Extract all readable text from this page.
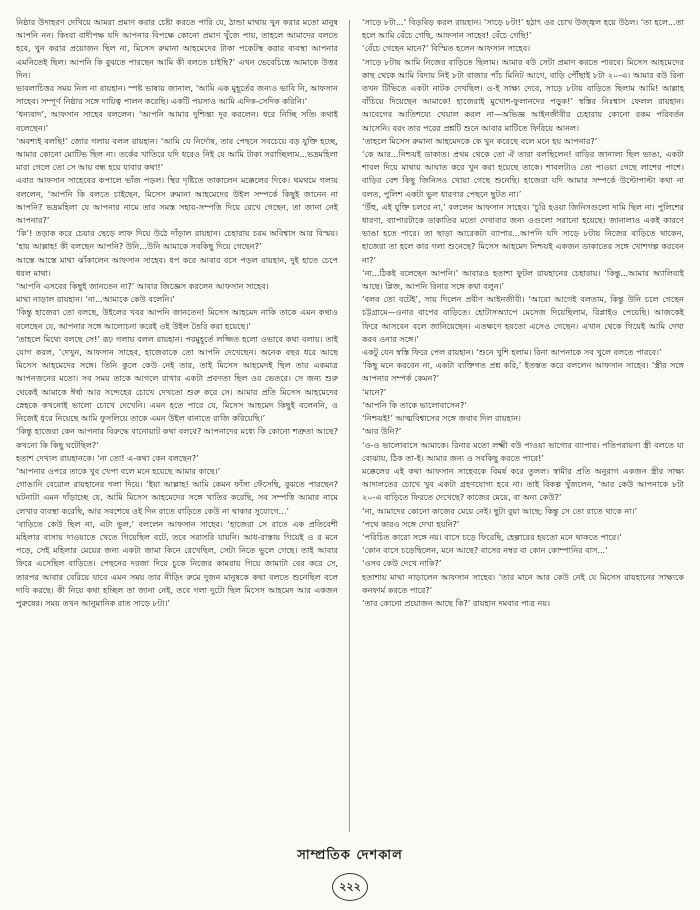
নিষ্ঠার উদাহরণ দেখিয়ে আমরা প্রমাণ করার চেষ্টা করতে পারি যে, ঠান্ডা মাথায় খুন করার মতো মানুষ আপনি নন। কিংবা বাদীপক্ষ যদি আপনার বিপক্ষে কোনো প্রমাণ খুঁজে পায়, তাহলে আমাদের বলতে হবে, খুন করার প্রয়োজন ছিল না, মিসেস রুমানা আহমেদের টাকা পকেটস্থ করার ব্যবস্থা আপনার এমনিতেই ছিল। আপনি কি বুঝতে পারছেন আমি কী বলতে চাইছি?’ এখন ভেবেচিন্তে আমাকে উত্তর দিন।

ভাবলাচিত্তর সময় নিল না রায়হান। স্পষ্ট ভাষায় জানাল, ‘আমি এক মুহূর্তের জন্যও ভাবি নি, আফসান সাহেব। সম্পূর্ণ নিষ্ঠার সঙ্গে দায়িত্ব পালন করেছি। একটি পয়সাও আমি এদিক-সেদিক করিনি।’

‘ধন্যবাদ’, আফসান সাহেব বললেন। ‘আপনি আমার দুশ্চিন্তা দূর করলেন। ধরে নিচ্ছি সতি৷ কথাই বলেছেন।’

‘অবশ্যই বলছি!’ জোর গলায় বলল রায়হান। ‘আমি যে নির্দোষ, তার পেছনে সবচেয়ে বড় যুক্তি হচ্ছে, আমার কোনো মোটিভ ছিল না। তর্কের খাতিরে যদি ধরেও নিই যে আমি টাকা সরাচ্ছিলাম...ভদ্রমহিলা মারা গেলে তো সে আয় বন্ধ হয়ে যাবার কথা!’

এবার আফসান সাহেবের কপালে ভাঁজ পড়ল। স্থির দৃষ্টিতে তাকালেন মক্কেলের দিকে। থমথমে গলায় বললেন, ‘আপনি কি বলতে চাইছেন, মিসেস রুমানা আহমেদের উইল সম্পর্কে কিছুই জানেন না আপনি? ভদ্রমহিলা যে আপনার নামে তার সমস্ত সহায়-সম্পত্তি দিয়ে রেখে গেছেন, তা জানা নেই আপনার?’

‘কি’! তড়াক করে চেয়ার ছেড়ে লাফ দিয়ে উঠে দাঁড়াল রায়হান। চেহারায় চরম অবিশ্বাস আর বিস্ময়। ‘হায় আল্লাহ! কী বলছেন আপনি? উনি...উনি আমাকে সবকিছু দিয়ে গেছেন?’

আস্তে আস্তে মাথা ঝাঁকালেন আফসান সাহেব। ধপ করে আবার বসে পড়ল রায়হান, দুই হাতে চেপে ধরল মাথা।

‘আপনি এসবের কিছুই জানতেন না?’ আবার জিজ্ঞেস করলেন আফসান সাহেব।

মাথা নাড়াল রায়হান। ‘না...আমাকে কেউ বলেনি।’

‘কিন্তু হাজেরা তো বলছে, উইলের খবর আপনি জানতেন! মিসেস আহমেদ নাকি তাকে এমন কথাও বলেছেন যে, আপনার সঙ্গে আলোচনা করেই ওই উইল তৈরি করা হয়েছে।’

‘তাহলে মিথ্যে বলছে সে!’ রূঢ় গলায় বলল রায়হান। পরমুহূর্তে লজ্জিত হলো ওভাবে কথা বলায়। তাই যোগ করল, ‘দেখুন, আফসান সাহেব, হাজেরাকে তো আপনি দেখেছেন। অনেক বছর ধরে আছে মিসেস আহমেদের সঙ্গে। তিনি কুলে কেউ নেই তার, তাই মিসেস আহমেদই ছিল তার একমাত্র আপনজনের মতো। সব সময় তাকে আগলে রাখার একটা প্রবণতা ছিল ওর ভেতরে। সে জন্য শুরু থেকেই আমাকে ঈর্ষা আর সন্দেহের চোখে দেখতো শুরু করে সে। আমার প্রতি মিসেস আহমেদের স্নেহকে কখনোই ভালো চোখে দেখেনি। এমন হতে পারে যে, মিসেস আহমেদ কিছুই বলেননি, ও নিজেই ধরে নিয়েছে আমি ফুসলিয়ে তাকে এমন উইল বানাতে রাজি করিয়েছি।’

‘কিন্তু হাজেরা কেন আপনার বিরুদ্ধে বানোয়াট কথা বলবে? আপনাদের মধ্যে কি কোনো শত্রুতা আছে? কখনো কি কিছু ঘটেছিল?’

হতাশ দেখাল রায়হানকে। ‘না তো! এ-কথা কেন বলছেন?’

‘আপনার ওপরে তাকে খুব খেপা বলে মনে হয়েছে আমার কাছে।’

গোঙানি বেরোল রায়হানের গলা দিয়ে। ‘ইয়া আল্লাহ! আমি কেমন ফাঁসা ফেঁসেছি, বুঝতে পারছেন? ঘটনাটা এমন দাঁড়াচ্ছে যে, আমি মিসেস আহমেদের সঙ্গে খাতির করেছি, সব সম্পত্তি আমার নামে লেখার ব্যবস্থা করেছি, আর সবশেষে ওই দিন রাতে বাড়িতে কেউ না থাকার সুযোগে...’

‘বাড়িতে কেউ ছিল না, এটা ভুল,’ বললেন আফসান সাহেব। ‘হাজেরা সে রাতে এক প্রতিবেশী মহিলার বাসায় দাওয়াতে খেতে গিয়েছিল বটে, তবে সরাসরি যায়নি। আধ-রাস্তায় গিয়েই ও র মনে পড়ে, সেই মহিলার মেয়ের জন্য একটা জামা কিনে রেখেছিল, সেটা নিতে ভুলে গেছে। তাই আবার ফিরে এসেছিল বাড়িতে। পেছনের দরজা দিয়ে চুকে নিজের কামরায় গিয়ে জামাটা বের করে সে, তারপর আবার বেরিয়ে যাবে এমন সময় তার নীড়িং রুমে দুজন মানুষকে কথা বলতে শুনেছিল বলে দাবি করছে। কী নিয়ে কথা হচ্ছিল তা জানা নেই, তবে গলা দুটো ছিল মিসেস আহমেদ আর একজন পুরুষের। সময় তখন আনুমানিক রাত সাড়ে ৮টা।’

‘সাড়ে ৮টা...’ বিড়বিড় করল রায়হান। ‘সাড়ে ৮টা!’ হঠাৎ ওর চোখ উজ্জ্বল হয়ে উঠল। ‘তা হলে...তা হলে আমি বেঁচে গেছি, আফসান সাহেব! বেঁচে গেছি!’

‘বেঁচে গেছেন মানে?’ বিস্মিত হলেন আফসান সাহেব।

‘সাড়ে ৮টায় আমি নিজের বাড়িতে ছিলাম। আমার বউ সেটা প্রমাণ করতে পারবে। মিসেস আহমেদের কাছ থেকে আমি বিদায় নিই ৮টা বাজার পাঁচ মিনিট আগে, বাড়ি পৌঁছাই ৮টা ২০-এ। আমার বউ রিনা তখন টিভিতে একটা নাটক দেখছিল। ও-ই সাক্ষ্য দেবে, সাড়ে ৮টায় বাড়িতে ছিলাম আমি! আল্লাহ বাঁচিয়ে দিয়েছেন আমাকে! হাজেরাই মুখোশ-ফুলানদের পড়ুক!’ স্বস্তির নিঃশ্বাস ফেলল রায়হান। আবেগের আতিশয্যে খেয়াল করল না—অভিজ্ঞ আইনজীবীর চেহারায় কোনো রকম পরিবর্তন আসেনি। বরং তার পরের প্রশ্নটি শুনে আবার মাটিতে ফিরিয়ে আনল।

‘তাহলে মিসেস রুমানা আহমেদকে কে খুন করেছে বলে মনে হয় আপনার?’

‘কে আর...নিশ্চয়ই ডাকাত। প্রথম থেকে তো ঐ তারা বলছিলেন! বাড়ির জানালা ছিল ভাঙা, একটা শাবল দিয়ে মাথায় আঘাত করে খুন করা হয়েছে তাকে। শাবলটাও তো পাওয়া গেছে লাশের পাশে। বাড়ির বেশ কিছু জিনিসও খোয়া গেছে শুনেছি। হাজেরা যদি আমার সম্পর্কে উল্টোপাল্টা কথা না বলত, পুলিশ একটা ভুল ধারণার পেছনে ছুটত না।’

‘উঁহু, এই যুক্তি চলবে না,’ বললেন আফসান সাহেব। ‘চুরি হওয়া জিনিসগুলো দামি ছিল না। পুলিশের ধারণা, ব্যাপারটাকে ডাকাতির মতো দেখাবার জন্য ওগুলো সরানো হয়েছে। জানালাও একই কারণে ভাঙা হতে পারে। তা ছাড়া আরেকটা ব্যাপার...আপনি যদি সাড়ে ৮টায় নিজের বাড়িতে থাকেন, হাজেরা তা হলে কার গলা শুনেছে? মিসেস আহমেদ নিশ্চয়ই একজন ডাকাতের সঙ্গে খোশগল্প করবেন না?’

‘না...ঠিকই বলেছেন আপনি।’ আবারও হতাশা ফুটল রায়হানের চেহারায়। ‘কিন্তু...আমার অ্যালিবাই আছে। প্লিজ, আপনি রিনার সঙ্গে কথা বলুন।’

‘বলব তো বটেই’, সায় দিলেন প্রবীণ আইনজীবী। ‘আরো আগেই বলতাম, কিন্তু উনি চলে গেছেন চট্টগ্রামে—ওনার বাপের বাড়িতে। হোটাসঅ্যাপে মেসেজ দিয়েছিলাম, রিপ্লাইও পেয়েছি। আজকেই ফিরে আসবেন বলে জানিয়েছেন। এতক্ষণে হয়তো এসেও গেছেন। এখান থেকে গিয়েই আমি দেখা করব ওনার সঙ্গে।’

একটু যেন স্বস্তি ফিরে পেল রায়হান। ‘শুনে খুশি হলাম। রিনা আপনাকে সব খুলে বলতে পারবে।’

‘কিছু মনে করবেন না, একটা ব্যক্তিগত প্রশ্ন করি,’ ইতস্তত করে বললেন আফসান সাহেব। ‘স্ত্রীর সঙ্গে আপনার সম্পর্ক কেমন?’

‘মানে?’

‘আপনি কি তাকে ভালোবাসেন?’

‘নিশ্চয়ই!’ আত্মবিশ্বাসের সঙ্গে জবাব দিল রায়হান।

‘আর উনি?’

‘ও-ও ভালোবাসে আমাকে। রিনার মতো লক্ষ্মী বউ পাওয়া ভাগ্যের ব্যাপার। পতিপরায়ণা স্ত্রী বলতে যা বোঝায়, ঠিক তা-ই। আমার জন্য ও সবকিছু করতে পারে!’

মক্কেলের এই কথা আফসান সাহেবকে বিমর্ষ করে তুলল। স্বামীর প্রতি অনুরাগ একজন স্ত্রীর সাক্ষ্য আদালতের চোখে খুব একটা গ্রহণযোগ্য হবে না। তাই বিকল্প খুঁজলেন, ‘আর কেউ আপনাকে ৮টা ২০-এ বাড়িতে ফিরতে দেখেছে? কাজের মেয়ে, বা অন্য কেউ?’

‘না, আমাদের কোনো কাজের মেয়ে নেই। ছুটা বুয়া আছে; কিন্তু সে তো রাতে থাকে না।’

‘পথে কারও সঙ্গে দেখা হয়নি?’

‘পরিচিত কারো সঙ্গে নয়। বাসে চড়ে ফিরেছি, হেল্পারের হয়তো মনে থাকতে পারে।’

‘কোন বাসে চড়েছিলেন, মনে আছে? বাসের নম্বর বা কোন কোম্পানির বাস...’

‘ওসব কেউ দেখে নাকি?’

হতাশায় মাথা নাড়ালেন আফসান সাহেব। ‘তার মানে আর কেউ নেই যে মিসেস রায়হানের সাক্ষ্যকে কনফার্ম করতে পারে?’

‘তার কোনো প্রয়োজন আছে কি?’ রায়হান দমবার পাত্র নয়।

সাম্প্রতিক দেশকাল
২২২
